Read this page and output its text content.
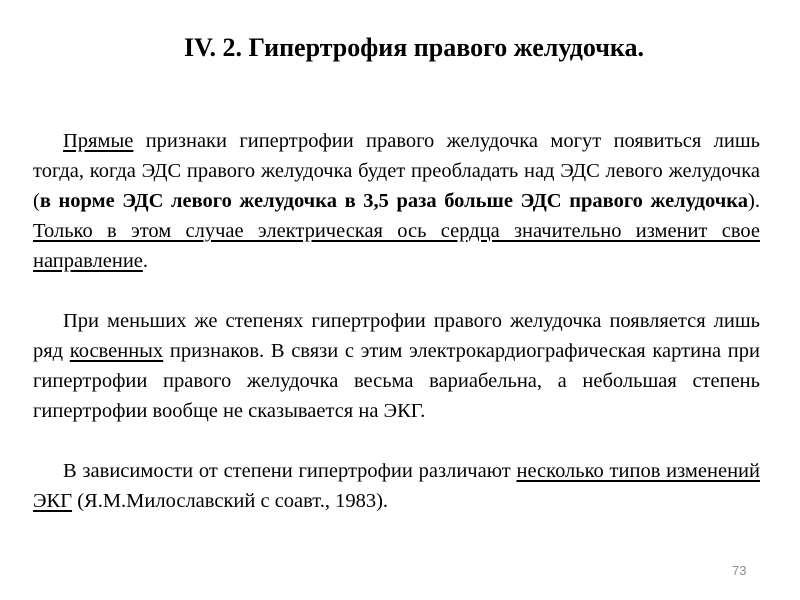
IV. 2. Гипертрофия правого желудочка.

Прямые признаки гипертрофии правого желудочка могут появиться лишь тогда, когда ЭДС правого желудочка будет преобладать над ЭДС левого желудочка (в норме ЭДС левого желудочка в 3,5 раза больше ЭДС правого желудочка). Только в этом случае электрическая ось сердца значительно изменит свое направление.

При меньших же степенях гипертрофии правого желудочка появляется лишь ряд косвенных признаков. В связи с этим электрокардиографическая картина при гипертрофии правого желудочка весьма вариабельна, а небольшая степень гипертрофии вообще не сказывается на ЭКГ.

В зависимости от степени гипертрофии различают несколько типов изменений ЭКГ (Я.М.Милославский с соавт., 1983).

73
